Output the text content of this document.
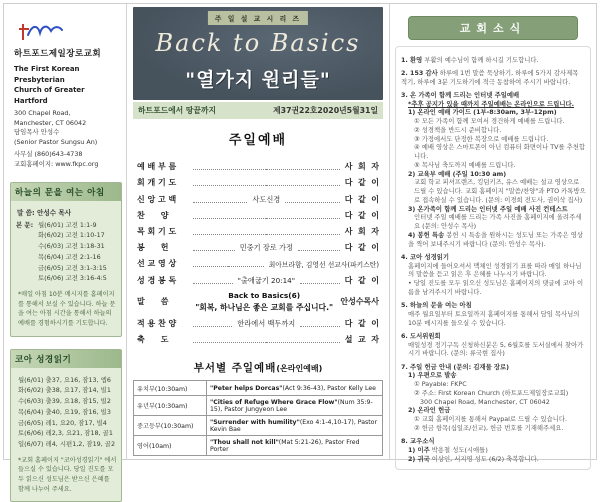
하트포드제일장로교회
The First Korean Presbyterian
Church of Greater Hartford
300 Chapel Road,
Manchester, CT 06042
담임목사 안성수
(Senior Pastor Sungsu An)
사무실 (860)643-4738
교회홈페이지: www.fkpc.org
하늘의 문을 여는 아침
말 씀: 안성수 목사
본 문: 월(6/01) 고전 1:1-9
화(6/02) 고전 1:10-17
수(6/03) 고전 1:18-31
목(6/04) 고전 2:1-16
금(6/05) 고전 3:1-3:15
토(6/06) 고전 3:16-4:5
*매일 아침 10분 메시지를 홈페이지를 통해서 보실 수 있습니다. 하늘 문을 여는 아침 시간을 통해서 하늘의 예배를 경험하시기를 기도합니다.
코아 성경읽기
월(6/01) 출37, 요16, 잠13, 엡6
화(6/02) 출38, 요17, 잠14, 빌1
수(6/03) 출39, 요18, 잠15, 빌2
목(6/04) 출40, 요19, 잠16, 빌3
금(6/05) 레1, 요20, 잠17, 빌4
토(6/06) 레2,3, 요21, 잠18, 골1
일(6/07) 레4, 시편1,2, 잠19, 골2
*교회 홈페이지 "코아성경읽기" 에서 들으실 수 있습니다. 당일 진도를 모두 읽으신 성도님은 받으신 은혜를 함께 나누어 주세요.
주 일 설 교 시 리 즈
Back to Basics
"열가지 원리들"
하트포드에서 땅끝까지	제37권22호2020년5월31일
주일예배
예 배 부 름	사  회  자
회 개 기 도	다  같  이
신 앙 고 백	사도신경	다  같  이
찬　　양	다  같  이
목 회 기 도	사  회  자
봉　　헌	민중기 장로 가정	다  같  이
선 교 영 상	최아브라함, 김영선 선교사(파키스탄)
성 경 봉 독	"출애굽기 20:14"	다  같  이
말　　씀
Back to Basics(6)
"회복, 하나님은 좋은 교회를 주십니다."
안성수목사
적 용 찬 양	한라에서 백두까지	다  같  이
축　　도	설  교  자
부서별 주일예배(온라인예배)
유치부(10:30am)	"Peter helps Dorcas"(Act 9:36-43), Pastor Kelly Lee
유년부(10:30am)	"Cities of Refuge Where Grace Flow"(Num 35:9-15), Pastor Jungyeon Lee
중고등부(10:30am)	"Surrender with humility"(Exo 4:1-4,10-17), Pastor Kevin Bae
영어(10am)	"Thou shall not kill"(Mat 5:21-26), Pastor Fred Porter
교회소식
1. 환영 부활의 예수님이 함께 하시길 기도합니다.
2. 153 감사 하루에 1번 말씀 묵상하기, 하루에 5가지 감사제목 적기, 하루에 3분 기도하기에 적극 동참하여 주시기 바랍니다.
3. 온 가족이 함께 드리는 인터넷 주일예배
*추후 공지가 있을 때까지 주일예배는 온라인으로 드립니다.
1) 온라인 예배 가이드 (1부-8:30am, 3부-12pm)
① 모든 가족이 함께 모여서 경건하게 예배를 드립니다.
② 성경책을 반드시 준비합니다.
③ 가정에서도 단정한 복장으로 예배를 드립니다.
④ 예배 영상은 스마트폰이 아닌 컴퓨터 화면이나 TV를 추천합니다.
⑤ 목사님 축도까지 예배를 드립니다.
2) 교육부 예배 (주일 10:30 am)
교회 학교 피셔프렌즈, 킹덤키즈, 유스 예배는 설교 영상으로 드릴 수 있습니다. 교회 홈페이지 "말씀/찬양"과 PTO 카톡방으로 접속하실 수 있습니다. (문의: 이경희 전도사, 권이삭 집사)
3) 온가족이 함께 드리는 인터넷 주일 예배 사진 컨테스트
인터넷 주일 예배를 드리는 가족 사진을 홈페이지에 올려주세요 (문의: 안성수 목사)
4) 봉헌 특송 봉헌 시 특송을 원하시는 성도님 또는 가족은 영상을 찍어 보내주시기 바랍니다 (문의: 안성수 목사).
4. 코아 성경읽기
홈페이지에 들어오셔서 맥체인 성경읽기 표를 따라 매일 하나님의 말씀을 듣고 읽은 후 은혜를 나누시기 바랍니다.
• 당일 진도를 모두 읽으신 성도님은 홈페이지의 댓글에 코아 이름을 남겨주시기 바랍니다.
5. 하늘의 문을 여는 아침
매주 월요일부터 토요일까지 홈페이지를 통해서 담임 목사님의 10분 메시지를 들으실 수 있습니다.
6. 도서위원회
매일성경 정기구독 신청하신분은 5, 6월호를 도서실에서 찾아가시기 바랍니다. (문의: 류국현 집사)
7. 주일 헌금 안내 (문의: 김재물 장로)
1) 우편으로 발송
① Payable: FKPC
② 주소: First Korean Church (하트포드제일장로교회)
300 Chapel Road, Manchester, CT 06042
2) 온라인 헌금
① 교회 홈페이지를 통해서 Paypal로 드릴 수 있습니다.
② 헌금 항목(십일조/선교), 헌금 번호를 기재해주세요.
8. 교우소식
1) 이주 박용철 성도(시애틀)
2) 귀국 이상인, 서지영 성도 (6/2) 축복합니다.
